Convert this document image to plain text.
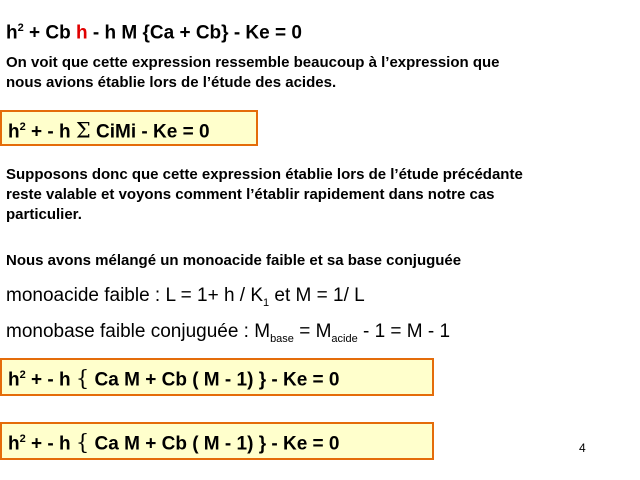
$h^2 + Cb$ h - h M {Ca + Cb} - Ke = 0
On voit que cette expression ressemble beaucoup à l’expression que
nous avions établie lors de l’étude des acides.
$h^2$ + - h Σ CiMi - Ke = 0
Supposons donc que cette expression établie lors de l’étude précédante
reste valable et voyons comment l’établir rapidement dans notre cas
particulier.
Nous avons mélangé un monoacide faible et sa base conjuguée
monoacide faible : $L = 1+ h / K_1$ et M = 1/ L
monobase faible conjuguée : $M_{base} = M_{acide} - 1 = M - 1$
$h^2$ + - h { Ca M + Cb ( M - 1) } - Ke = 0
$h^2$ + - h { Ca M + Cb ( M - 1) } - Ke = 0	4
